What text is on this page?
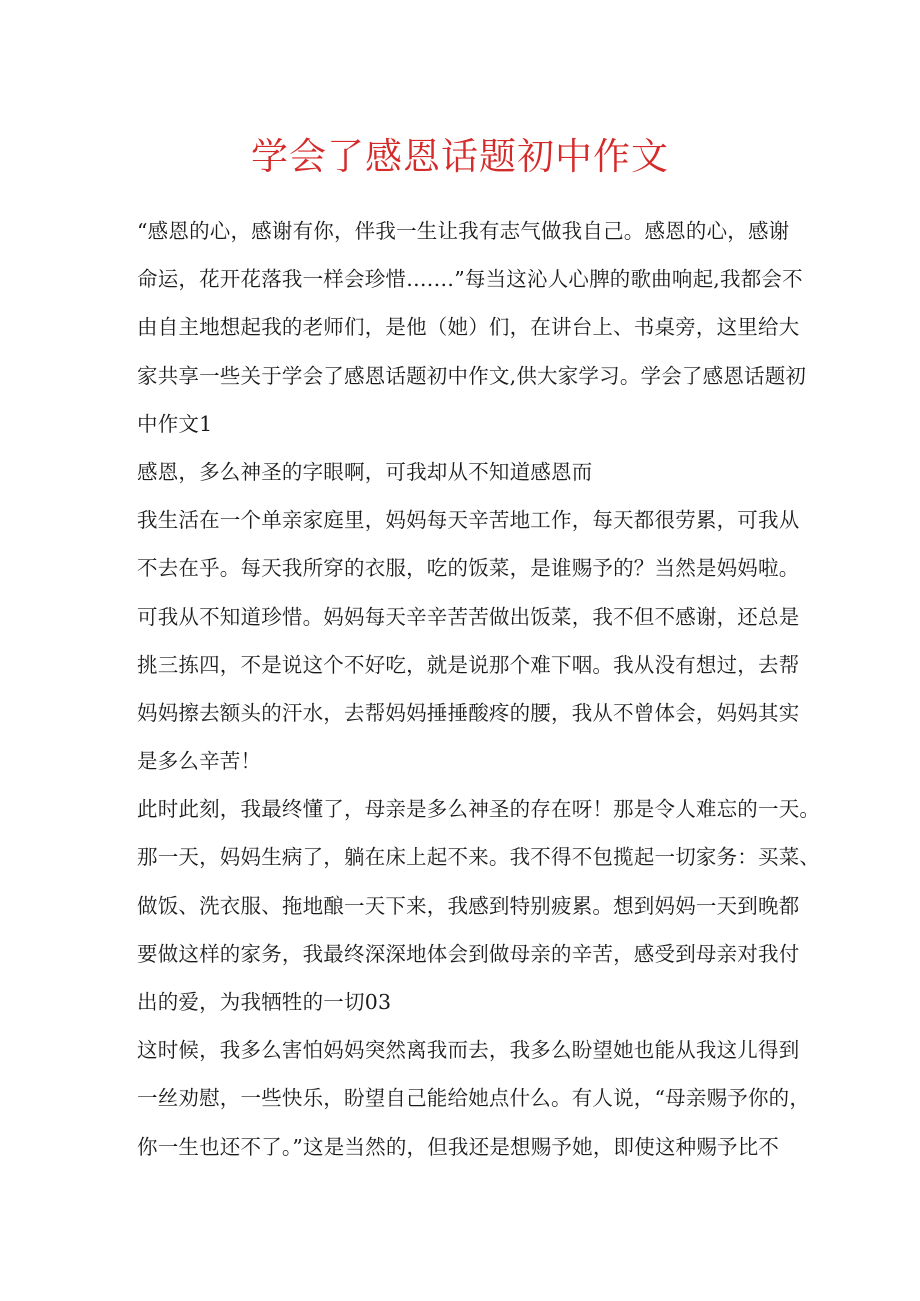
学会了感恩话题初中作文
“感恩的心，感谢有你，伴我一生让我有志气做我自己。感恩的心，感谢
命运，花开花落我一样会珍惜….…”每当这沁人心脾的歌曲响起,我都会不
由自主地想起我的老师们，是他（她）们，在讲台上、书桌旁，这里给大
家共享一些关于学会了感恩话题初中作文,供大家学习。学会了感恩话题初
中作文1
感恩，多么神圣的字眼啊，可我却从不知道感恩而
我生活在一个单亲家庭里，妈妈每天辛苦地工作，每天都很劳累，可我从
不去在乎。每天我所穿的衣服，吃的饭菜，是谁赐予的？当然是妈妈啦。
可我从不知道珍惜。妈妈每天辛辛苦苦做出饭菜，我不但不感谢，还总是
挑三拣四，不是说这个不好吃，就是说那个难下咽。我从没有想过，去帮
妈妈擦去额头的汗水，去帮妈妈捶捶酸疼的腰，我从不曾体会，妈妈其实
是多么辛苦！
此时此刻，我最终懂了，母亲是多么神圣的存在呀！那是令人难忘的一天。
那一天，妈妈生病了，躺在床上起不来。我不得不包揽起一切家务：买菜、
做饭、洗衣服、拖地酿一天下来，我感到特别疲累。想到妈妈一天到晚都
要做这样的家务，我最终深深地体会到做母亲的辛苦，感受到母亲对我付
出的爱，为我牺牲的一切03
这时候，我多么害怕妈妈突然离我而去，我多么盼望她也能从我这儿得到
一丝劝慰，一些快乐，盼望自己能给她点什么。有人说，“母亲赐予你的，
你一生也还不了。”这是当然的，但我还是想赐予她，即使这种赐予比不
